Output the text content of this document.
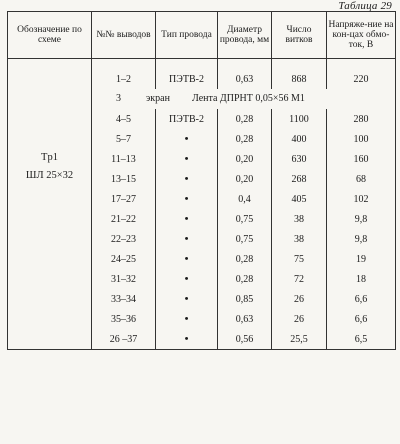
Таблица 29
Обозначение по схеме	№№ выводов	Тип провода	Диаметр провода, мм	Число витков	Напряже-ние на кон-цах обмо-ток, В

Tp1
ШЛ 25×32	1–2	ПЭТВ-2	0,63	868	220

	3 экран Лента ДПРНТ 0,05×56 М1				

	4–5	ПЭТВ-2	0,28	1100	280
	5–7	•	0,28	400	100
	11–13	•	0,20	630	160
	13–15	•	0,20	268	68
	17–27	•	0,4	405	102
	21–22	•	0,75	38	9,8
	22–23	•	0,75	38	9,8
	24–25	•	0,28	75	19
	31–32	•	0,28	72	18
	33–34	•	0,85	26	6,6
	35–36	•	0,63	26	6,6
	26 –37	•	0,56	25,5	6,5
